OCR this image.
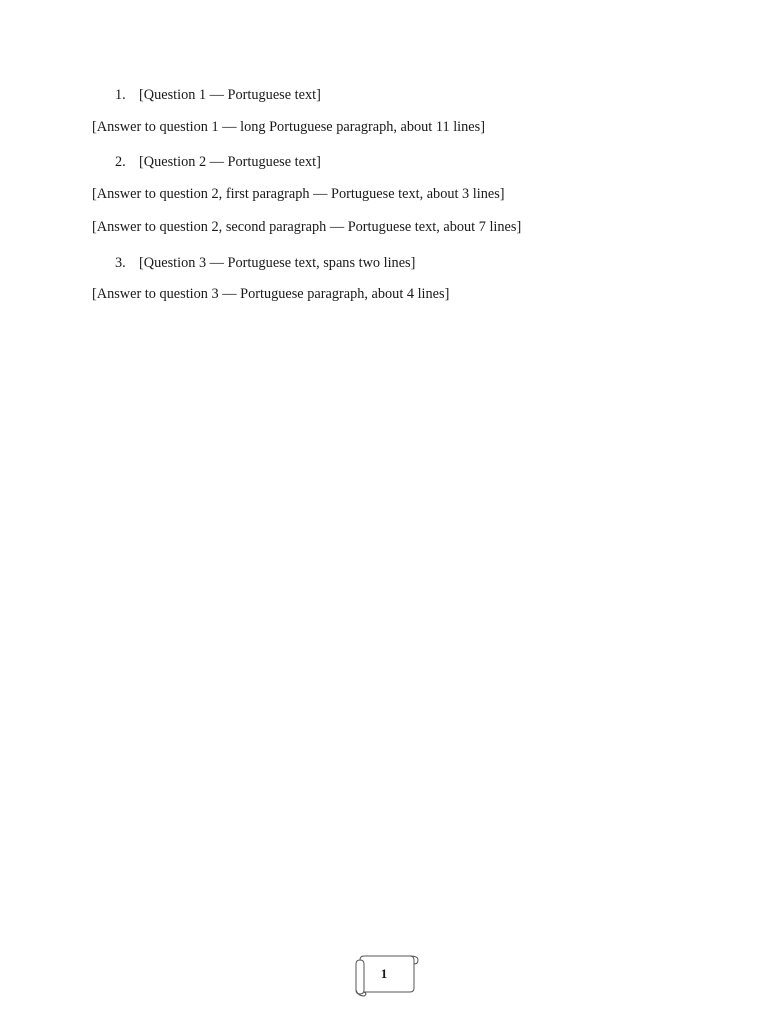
1. [Question 1 — Portuguese text]

[Answer to question 1 — long Portuguese paragraph, about 11 lines]

2. [Question 2 — Portuguese text]

[Answer to question 2, first paragraph — Portuguese text, about 3 lines]

[Answer to question 2, second paragraph — Portuguese text, about 7 lines]

3. [Question 3 — Portuguese text, spans two lines]

[Answer to question 3 — Portuguese paragraph, about 4 lines]

1
